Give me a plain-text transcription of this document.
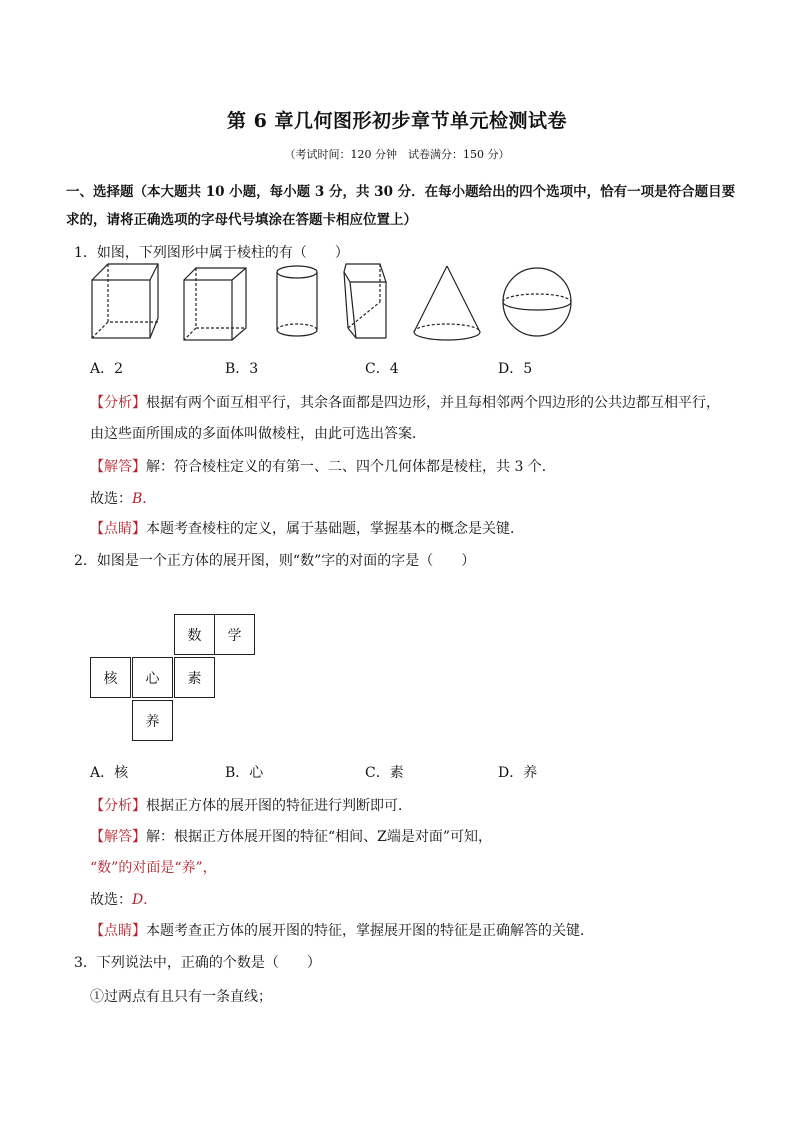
第 6 章几何图形初步章节单元检测试卷
（考试时间：120 分钟　试卷满分：150 分）
一、选择题（本大题共 10 小题，每小题 3 分，共 30 分．在每小题给出的四个选项中，恰有一项是符合题目要求的，请将正确选项的字母代号填涂在答题卡相应位置上）
1．如图，下列图形中属于棱柱的有（　　）
A．2	B．3	C．4	D．5
【分析】根据有两个面互相平行，其余各面都是四边形，并且每相邻两个四边形的公共边都互相平行，
由这些面所围成的多面体叫做棱柱，由此可选出答案．
【解答】解：符合棱柱定义的有第一、二、四个几何体都是棱柱，共 3 个．
故选：B．
【点睛】本题考查棱柱的定义，属于基础题，掌握基本的概念是关键．
2．如图是一个正方体的展开图，则“数”字的对面的字是（　　）
数	学
核	心	素
养
A．核	B．心	C．素	D．养
【分析】根据正方体的展开图的特征进行判断即可．
【解答】解：根据正方体展开图的特征“相间、Z端是对面”可知，
“数”的对面是“养”，
故选：D．
【点睛】本题考查正方体的展开图的特征，掌握展开图的特征是正确解答的关键．
3．下列说法中，正确的个数是（　　）
①过两点有且只有一条直线；
